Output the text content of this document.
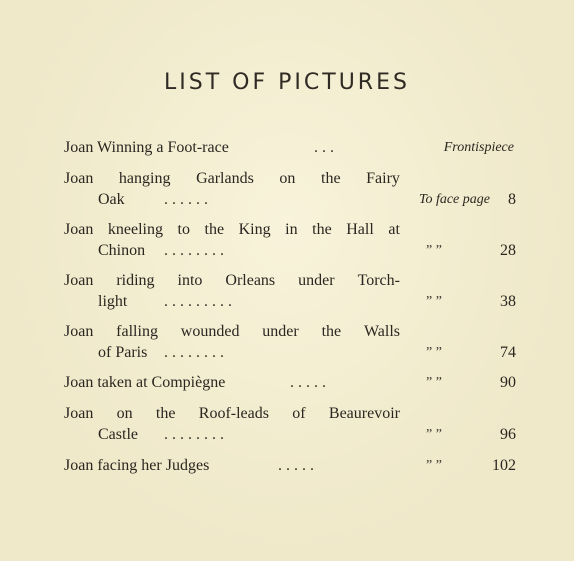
LIST OF PICTURES
Joan Winning a Foot-race	. . .	Frontispiece
Joan hanging Garlands on the Fairy
Oak . . . . . .	To face page 8
Joan kneeling to the King in the Hall at
Chinon . . . . . . . .	” ”	28
Joan riding into Orleans under Torch-
light . . . . . . . . .	” ”	38
Joan falling wounded under the Walls
of Paris . . . . . . . .	” ”	74
Joan taken at Compiègne	. . . . .	” ”	90
Joan on the Roof-leads of Beaurevoir
Castle . . . . . . . .	” ”	96
Joan facing her Judges	. . . . .	” ”	102
